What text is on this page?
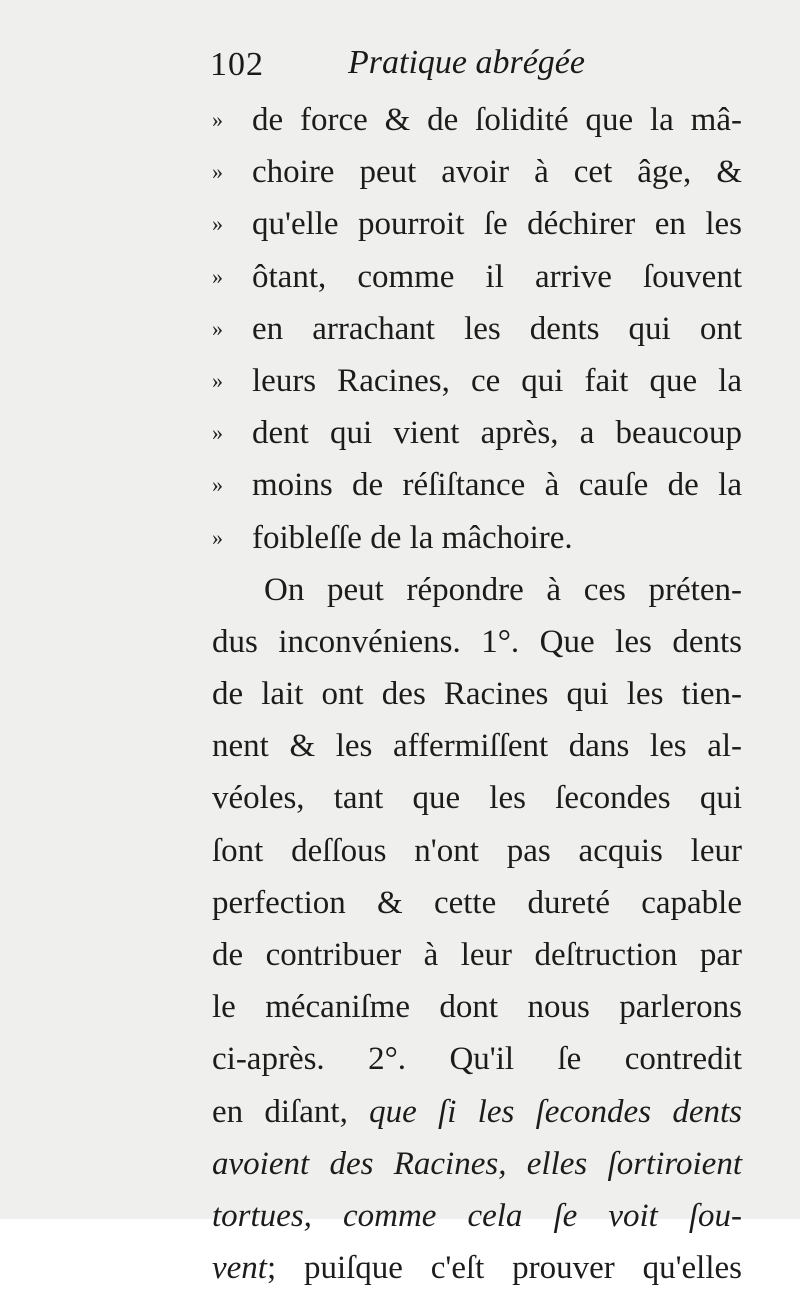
102 Pratique abrégée
» de force & de ſolidité que la mâ-
» choire peut avoir à cet âge, &
» qu'elle pourroit ſe déchirer en les
» ôtant, comme il arrive ſouvent
» en arrachant les dents qui ont
» leurs Racines, ce qui fait que la
» dent qui vient après, a beaucoup
» moins de réſiſtance à cauſe de la
» foibleſſe de la mâchoire.
On peut répondre à ces préten-
dus inconvéniens. 1°. Que les dents
de lait ont des Racines qui les tien-
nent & les affermiſſent dans les al-
véoles, tant que les ſecondes qui
ſont deſſous n'ont pas acquis leur
perfection & cette dureté capable
de contribuer à leur deſtruction par
le mécaniſme dont nous parlerons
ci-après. 2°. Qu'il ſe contredit
en diſant, que ſi les ſecondes dents
avoient des Racines, elles ſortiroient
tortues, comme cela ſe voit ſou-
vent; puiſque c'eſt prouver qu'elles
